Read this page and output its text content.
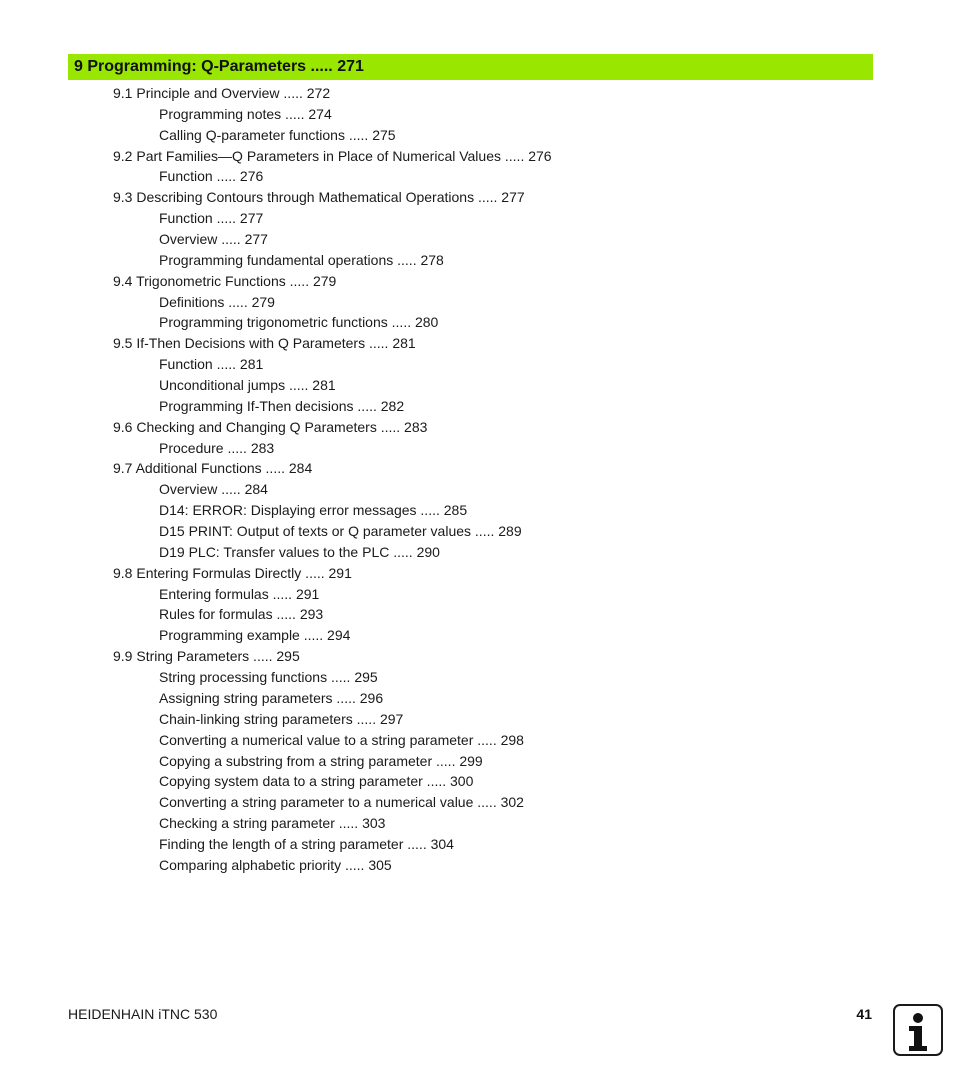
9 Programming: Q-Parameters ..... 271
9.1 Principle and Overview ..... 272
Programming notes ..... 274
Calling Q-parameter functions ..... 275
9.2 Part Families—Q Parameters in Place of Numerical Values ..... 276
Function ..... 276
9.3 Describing Contours through Mathematical Operations ..... 277
Function ..... 277
Overview ..... 277
Programming fundamental operations ..... 278
9.4 Trigonometric Functions ..... 279
Definitions ..... 279
Programming trigonometric functions ..... 280
9.5 If-Then Decisions with Q Parameters ..... 281
Function ..... 281
Unconditional jumps ..... 281
Programming If-Then decisions ..... 282
9.6 Checking and Changing Q Parameters ..... 283
Procedure ..... 283
9.7 Additional Functions ..... 284
Overview ..... 284
D14: ERROR: Displaying error messages ..... 285
D15 PRINT: Output of texts or Q parameter values ..... 289
D19 PLC: Transfer values to the PLC ..... 290
9.8 Entering Formulas Directly ..... 291
Entering formulas ..... 291
Rules for formulas ..... 293
Programming example ..... 294
9.9 String Parameters ..... 295
String processing functions ..... 295
Assigning string parameters ..... 296
Chain-linking string parameters ..... 297
Converting a numerical value to a string parameter ..... 298
Copying a substring from a string parameter ..... 299
Copying system data to a string parameter ..... 300
Converting a string parameter to a numerical value ..... 302
Checking a string parameter ..... 303
Finding the length of a string parameter ..... 304
Comparing alphabetic priority ..... 305
HEIDENHAIN iTNC 530	41
